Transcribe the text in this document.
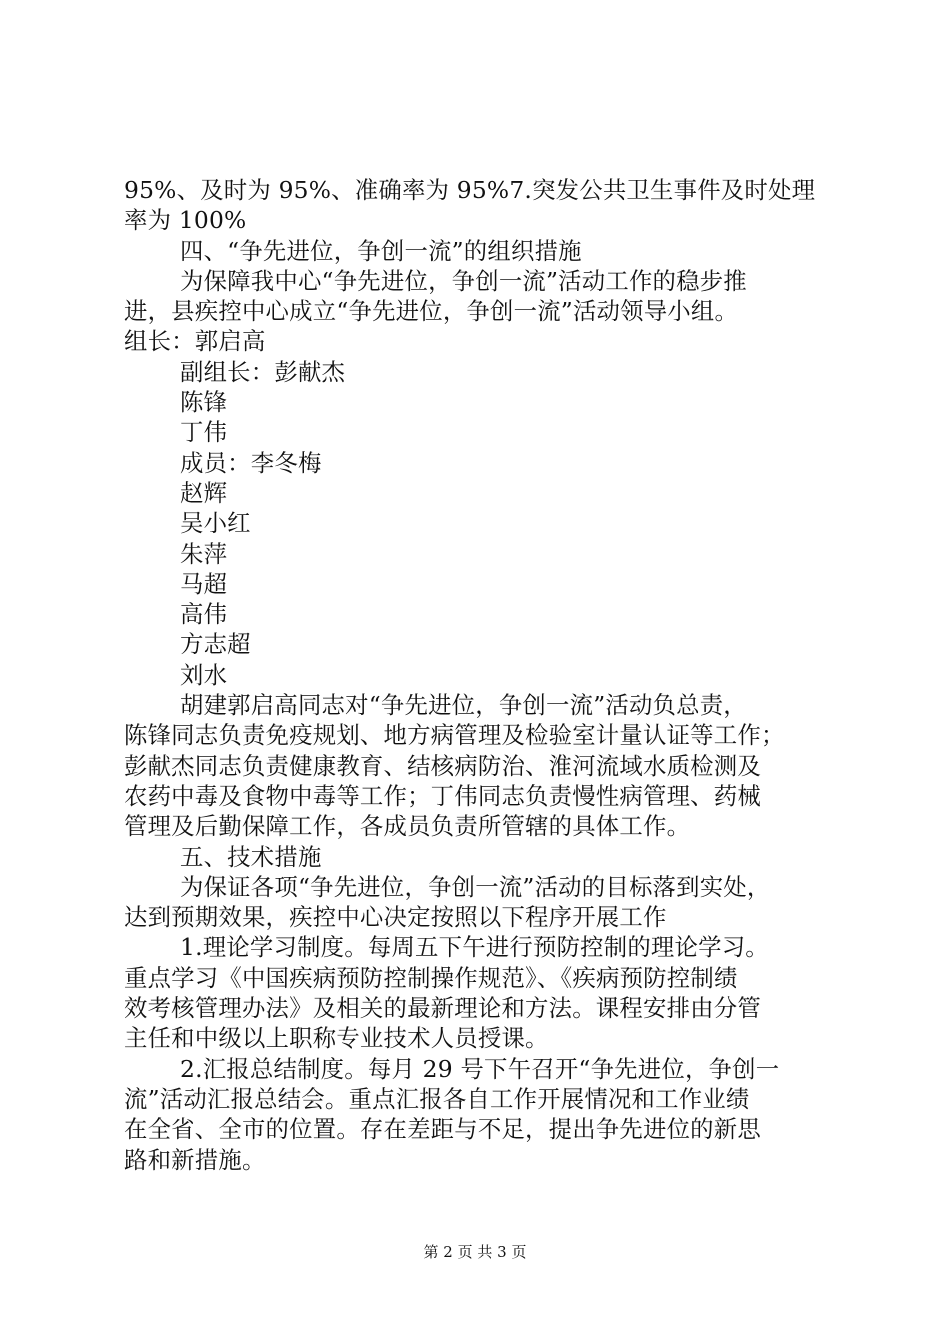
95%、及时为 95%、准确率为 95%7.突发公共卫生事件及时处理
率为 100%
四、“争先进位，争创一流”的组织措施
为保障我中心“争先进位，争创一流”活动工作的稳步推
进，县疾控中心成立“争先进位，争创一流”活动领导小组。
组长：郭启高
副组长：彭献杰
陈锋
丁伟
成员：李冬梅
赵辉
吴小红
朱萍
马超
高伟
方志超
刘水
胡建郭启高同志对“争先进位，争创一流”活动负总责，
陈锋同志负责免疫规划、地方病管理及检验室计量认证等工作；
彭献杰同志负责健康教育、结核病防治、淮河流域水质检测及
农药中毒及食物中毒等工作；丁伟同志负责慢性病管理、药械
管理及后勤保障工作，各成员负责所管辖的具体工作。
五、技术措施
为保证各项“争先进位，争创一流”活动的目标落到实处，
达到预期效果，疾控中心决定按照以下程序开展工作
1.理论学习制度。每周五下午进行预防控制的理论学习。
重点学习《中国疾病预防控制操作规范》、《疾病预防控制绩
效考核管理办法》及相关的最新理论和方法。课程安排由分管
主任和中级以上职称专业技术人员授课。
2.汇报总结制度。每月 29 号下午召开“争先进位，争创一
流”活动汇报总结会。重点汇报各自工作开展情况和工作业绩
在全省、全市的位置。存在差距与不足，提出争先进位的新思
路和新措施。
第 2 页 共 3 页
